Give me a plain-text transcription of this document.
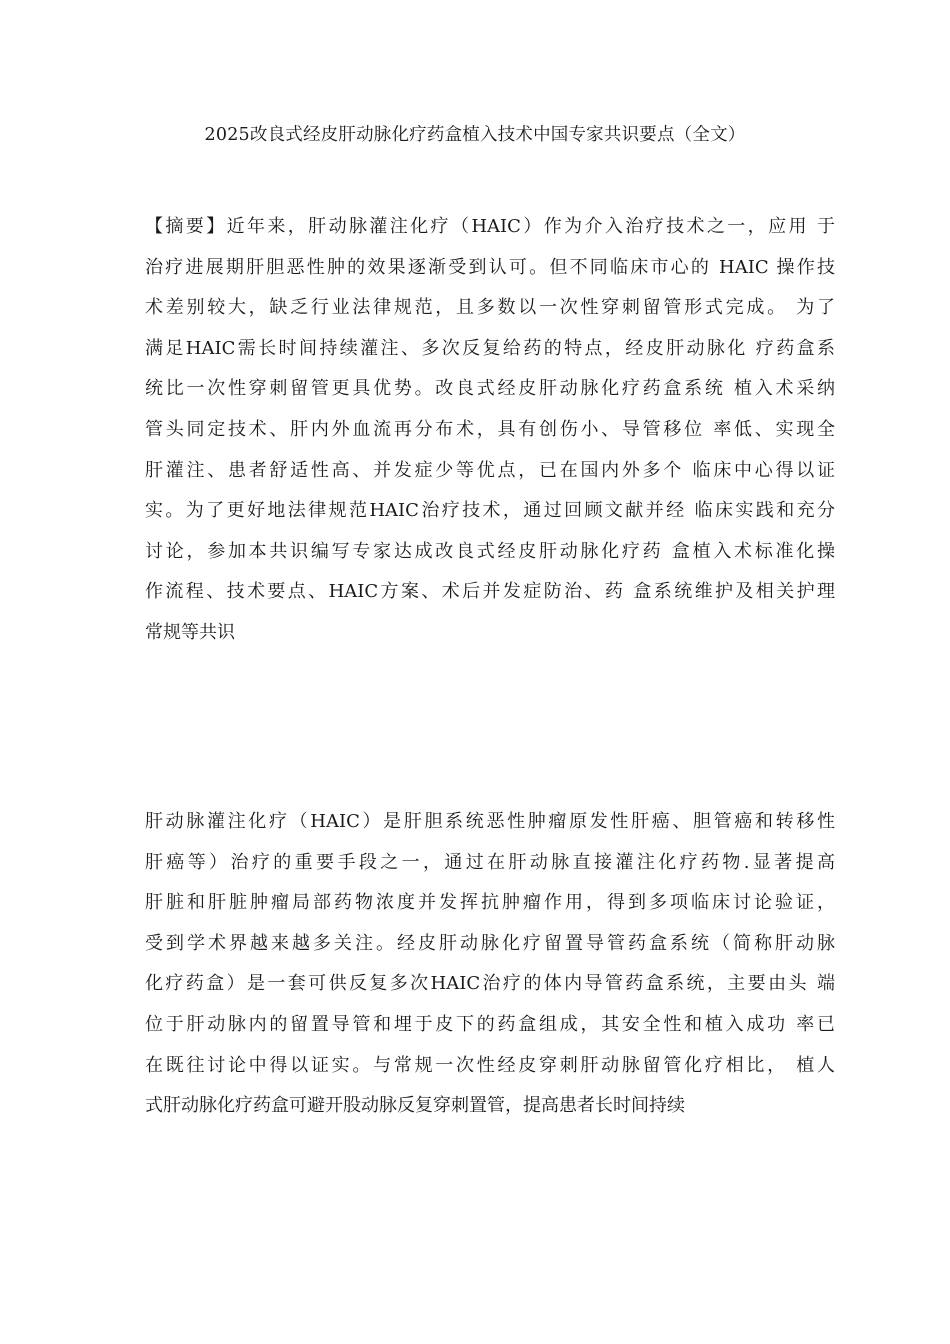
2025改良式经皮肝动脉化疗药盒植入技术中国专家共识要点（全文）
【摘要】近年来，肝动脉灌注化疗（HAIC）作为介入治疗技术之一，应用 于
治疗进展期肝胆恶性肿的效果逐渐受到认可。但不同临床市心的 HAIC 操作技
术差别较大，缺乏行业法律规范，且多数以一次性穿刺留管形式完成。 为了
满足HAIC需长时间持续灌注、多次反复给药的特点，经皮肝动脉化 疗药盒系
统比一次性穿刺留管更具优势。改良式经皮肝动脉化疗药盒系统 植入术采纳
管头同定技术、肝内外血流再分布术，具有创伤小、导管移位 率低、实现全
肝灌注、患者舒适性高、并发症少等优点，已在国内外多个 临床中心得以证
实。为了更好地法律规范HAIC治疗技术，通过回顾文献并经 临床实践和充分
讨论，参加本共识编写专家达成改良式经皮肝动脉化疗药 盒植入术标准化操
作流程、技术要点、HAIC方案、术后并发症防治、药 盒系统维护及相关护理
常规等共识
肝动脉灌注化疗（HAIC）是肝胆系统恶性肿瘤原发性肝癌、胆管癌和转移性
肝癌等）治疗的重要手段之一，通过在肝动脉直接灌注化疗药物.显著提高
肝脏和肝脏肿瘤局部药物浓度并发挥抗肿瘤作用，得到多项临床讨论验证，
受到学术界越来越多关注。经皮肝动脉化疗留置导管药盒系统（简称肝动脉
化疗药盒）是一套可供反复多次HAIC治疗的体内导管药盒系统，主要由头 端
位于肝动脉内的留置导管和埋于皮下的药盒组成，其安全性和植入成功 率已
在既往讨论中得以证实。与常规一次性经皮穿刺肝动脉留管化疗相比， 植人
式肝动脉化疗药盒可避开股动脉反复穿刺置管，提高患者长时间持续
